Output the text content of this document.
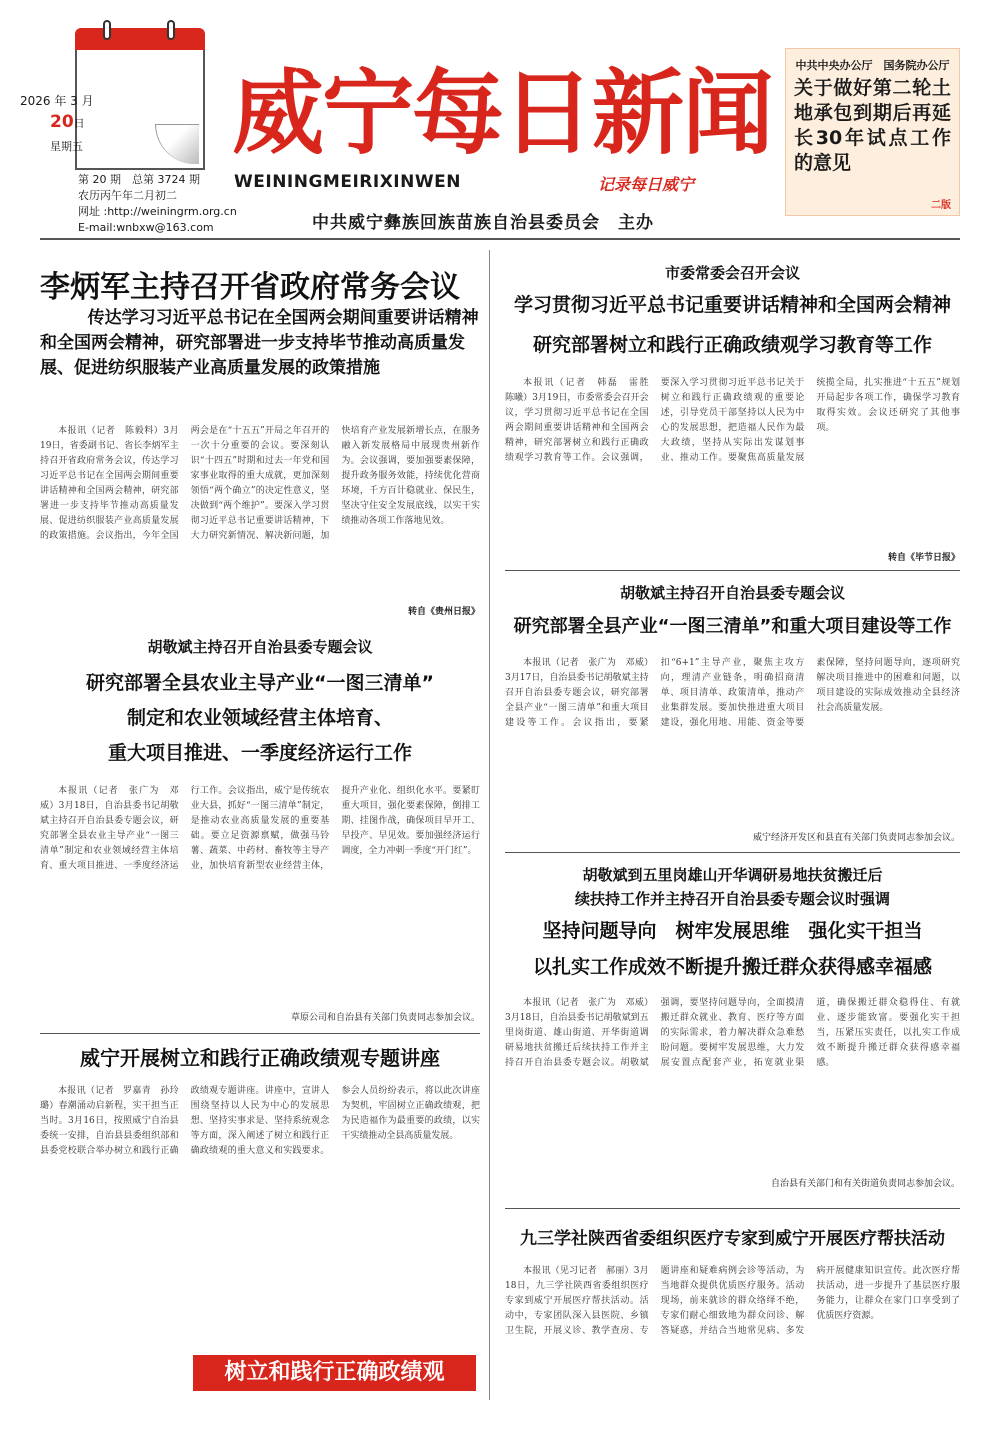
2026 年 3 月
20日
星期五
第 20 期　总第 3724 期
农历丙午年二月初二
网址 :http://weiningrm.org.cn
E-mail:wnbxw@163.com
威宁每日新闻
WEININGMEIRIXINWEN	记录每日威宁
中共威宁彝族回族苗族自治县委员会　主办
中共中央办公厅　国务院办公厅
关于做好第二轮土地承包到期后再延长30年试点工作的意见
二版
李炳军主持召开省政府常务会议
传达学习习近平总书记在全国两会期间重要讲话精神和全国两会精神，研究部署进一步支持毕节推动高质量发展、促进纺织服装产业高质量发展的政策措施

本报讯（记者　陈毅料）3月19日，省委副书记、省长李炳军主持召开省政府常务会议，传达学习习近平总书记在全国两会期间重要讲话精神和全国两会精神，研究部署进一步支持毕节推动高质量发展、促进纺织服装产业高质量发展的政策措施。会议指出，今年全国两会是在“十五五”开局之年召开的一次十分重要的会议。要深刻认识“十四五”时期和过去一年党和国家事业取得的重大成就，更加深刻领悟“两个确立”的决定性意义，坚决做到“两个维护”。要深入学习贯彻习近平总书记重要讲话精神，下大力研究新情况、解决新问题，加快培育产业发展新增长点，在服务融入新发展格局中展现贵州新作为。会议强调，要加强要素保障，提升政务服务效能，持续优化营商环境，千方百计稳就业、保民生，坚决守住安全发展底线，以实干实绩推动各项工作落地见效。

转自《贵州日报》
市委常委会召开会议
学习贯彻习近平总书记重要讲话精神和全国两会精神
研究部署树立和践行正确政绩观学习教育等工作

本报讯（记者　韩磊　雷胜　陈曦）3月19日，市委常委会召开会议，学习贯彻习近平总书记在全国两会期间重要讲话精神和全国两会精神，研究部署树立和践行正确政绩观学习教育等工作。会议强调，要深入学习贯彻习近平总书记关于树立和践行正确政绩观的重要论述，引导党员干部坚持以人民为中心的发展思想，把造福人民作为最大政绩，坚持从实际出发谋划事业、推动工作。要聚焦高质量发展统揽全局，扎实推进“十五五”规划开局起步各项工作，确保学习教育取得实效。会议还研究了其他事项。

转自《毕节日报》
胡敬斌主持召开自治县委专题会议
研究部署全县农业主导产业“一图三清单”
制定和农业领域经营主体培育、
重大项目推进、一季度经济运行工作

本报讯（记者　张广为　邓威）3月18日，自治县委书记胡敬斌主持召开自治县委专题会议，研究部署全县农业主导产业“一图三清单”制定和农业领域经营主体培育、重大项目推进、一季度经济运行工作。会议指出，威宁是传统农业大县，抓好“一图三清单”制定，是推动农业高质量发展的重要基础。要立足资源禀赋，做强马铃薯、蔬菜、中药材、畜牧等主导产业，加快培育新型农业经营主体，提升产业化、组织化水平。要紧盯重大项目，强化要素保障，倒排工期、挂图作战，确保项目早开工、早投产、早见效。要加强经济运行调度，全力冲刺一季度“开门红”。

草原公司和自治县有关部门负责同志参加会议。
胡敬斌主持召开自治县委专题会议
研究部署全县产业“一图三清单”和重大项目建设等工作

本报讯（记者　张广为　邓威）3月17日，自治县委书记胡敬斌主持召开自治县委专题会议，研究部署全县产业“一图三清单”和重大项目建设等工作。会议指出，要紧扣“6+1”主导产业，聚焦主攻方向，理清产业链条，明确招商清单、项目清单、政策清单，推动产业集群发展。要加快推进重大项目建设，强化用地、用能、资金等要素保障，坚持问题导向，逐项研究解决项目推进中的困难和问题，以项目建设的实际成效推动全县经济社会高质量发展。

威宁经济开发区和县直有关部门负责同志参加会议。
胡敬斌到五里岗雄山开华调研易地扶贫搬迁后
续扶持工作并主持召开自治县委专题会议时强调
坚持问题导向　树牢发展思维　强化实干担当
以扎实工作成效不断提升搬迁群众获得感幸福感

本报讯（记者　张广为　邓威）3月18日，自治县委书记胡敬斌到五里岗街道、雄山街道、开华街道调研易地扶贫搬迁后续扶持工作并主持召开自治县委专题会议。胡敬斌强调，要坚持问题导向，全面摸清搬迁群众就业、教育、医疗等方面的实际需求，着力解决群众急难愁盼问题。要树牢发展思维，大力发展安置点配套产业，拓宽就业渠道，确保搬迁群众稳得住、有就业、逐步能致富。要强化实干担当，压紧压实责任，以扎实工作成效不断提升搬迁群众获得感幸福感。

自治县有关部门和有关街道负责同志参加会议。
威宁开展树立和践行正确政绩观专题讲座

本报讯（记者　罗嘉青　孙玲璐）春潮涌动启新程，实干担当正当时。3月16日，按照威宁自治县委统一安排，自治县县委组织部和县委党校联合举办树立和践行正确政绩观专题讲座。讲座中，宣讲人围绕坚持以人民为中心的发展思想、坚持实事求是、坚持系统观念等方面，深入阐述了树立和践行正确政绩观的重大意义和实践要求。参会人员纷纷表示，将以此次讲座为契机，牢固树立正确政绩观，把为民造福作为最重要的政绩，以实干实绩推动全县高质量发展。

树立和践行正确政绩观
九三学社陕西省委组织医疗专家到威宁开展医疗帮扶活动

本报讯（见习记者　郝丽）3月18日，九三学社陕西省委组织医疗专家到威宁开展医疗帮扶活动。活动中，专家团队深入县医院、乡镇卫生院，开展义诊、教学查房、专题讲座和疑难病例会诊等活动，为当地群众提供优质医疗服务。活动现场，前来就诊的群众络绎不绝，专家们耐心细致地为群众问诊、解答疑惑，并结合当地常见病、多发病开展健康知识宣传。此次医疗帮扶活动，进一步提升了基层医疗服务能力，让群众在家门口享受到了优质医疗资源。
